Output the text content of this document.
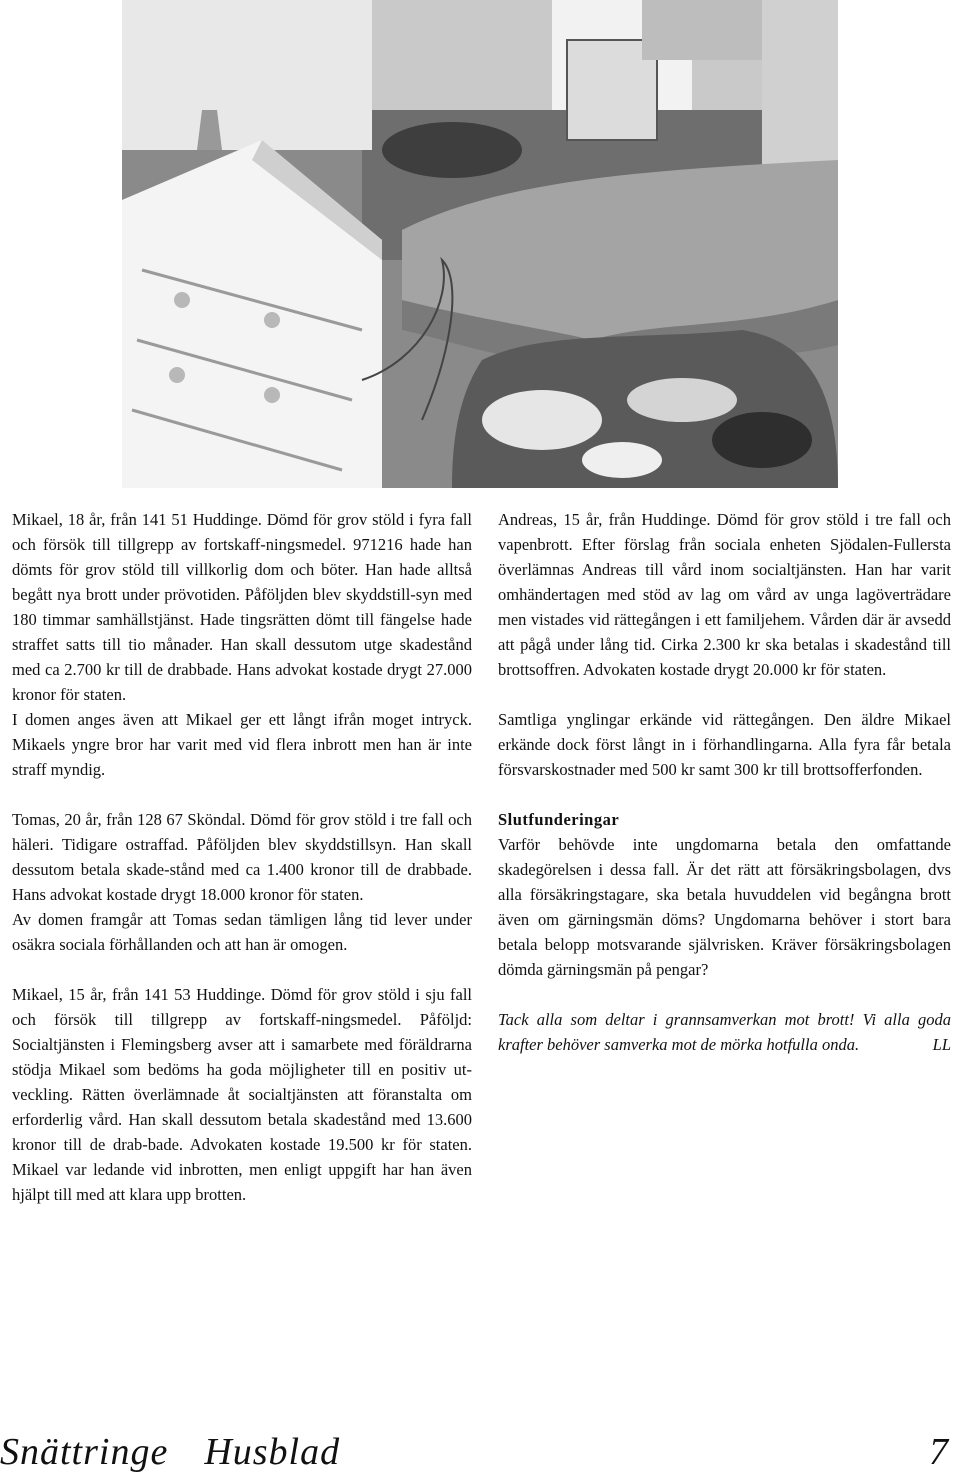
Mikael, 18 år, från 141 51 Huddinge. Dömd för grov stöld i fyra fall och försök till tillgrepp av fortskaff-ningsmedel. 971216 hade han dömts för grov stöld till villkorlig dom och böter. Han hade alltså begått nya brott under prövotiden. Påföljden blev skyddstill-syn med 180 timmar samhällstjänst. Hade tingsrätten dömt till fängelse hade straffet satts till tio månader. Han skall dessutom utge skadestånd med ca 2.700 kr till de drabbade. Hans advokat kostade drygt 27.000 kronor för staten.

I domen anges även att Mikael ger ett långt ifrån moget intryck. Mikaels yngre bror har varit med vid flera inbrott men han är inte straff myndig.

Tomas, 20 år, från 128 67 Sköndal. Dömd för grov stöld i tre fall och häleri. Tidigare ostraffad. Påföljden blev skyddstillsyn. Han skall dessutom betala skade-stånd med ca 1.400 kronor till de drabbade. Hans advokat kostade drygt 18.000 kronor för staten.

Av domen framgår att Tomas sedan tämligen lång tid lever under osäkra sociala förhållanden och att han är omogen.

Mikael, 15 år, från 141 53 Huddinge. Dömd för grov stöld i sju fall och försök till tillgrepp av fortskaff-ningsmedel. Påföljd: Socialtjänsten i Flemingsberg avser att i samarbete med föräldrarna stödja Mikael som bedöms ha goda möjligheter till en positiv ut-veckling. Rätten överlämnade åt socialtjänsten att föranstalta om erforderlig vård. Han skall dessutom betala skadestånd med 13.600 kronor till de drab-bade. Advokaten kostade 19.500 kr för staten. Mikael var ledande vid inbrotten, men enligt uppgift har han även hjälpt till med att klara upp brotten.

Andreas, 15 år, från Huddinge. Dömd för grov stöld i tre fall och vapenbrott. Efter förslag från sociala enheten Sjödalen-Fullersta överlämnas Andreas till vård inom socialtjänsten. Han har varit omhändertagen med stöd av lag om vård av unga lagöverträdare men vistades vid rättegången i ett familjehem. Vården där är avsedd att pågå under lång tid. Cirka 2.300 kr ska betalas i skadestånd till brottsoffren. Advokaten kostade drygt 20.000 kr för staten.

Samtliga ynglingar erkände vid rättegången. Den äldre Mikael erkände dock först långt in i förhandlingarna. Alla fyra får betala försvarskostnader med 500 kr samt 300 kr till brottsofferfonden.

Slutfunderingar

Varför behövde inte ungdomarna betala den omfattande skadegörelsen i dessa fall. Är det rätt att försäkringsbolagen, dvs alla försäkringstagare, ska betala huvuddelen vid begångna brott även om gärningsmän döms? Ungdomarna behöver i stort bara betala belopp motsvarande självrisken. Kräver försäkringsbolagen dömda gärningsmän på pengar?

Tack alla som deltar i grannsamverkan mot brott! Vi alla goda krafter behöver samverka mot de mörka hotfulla onda.	LL

Snättringe Husblad	7
